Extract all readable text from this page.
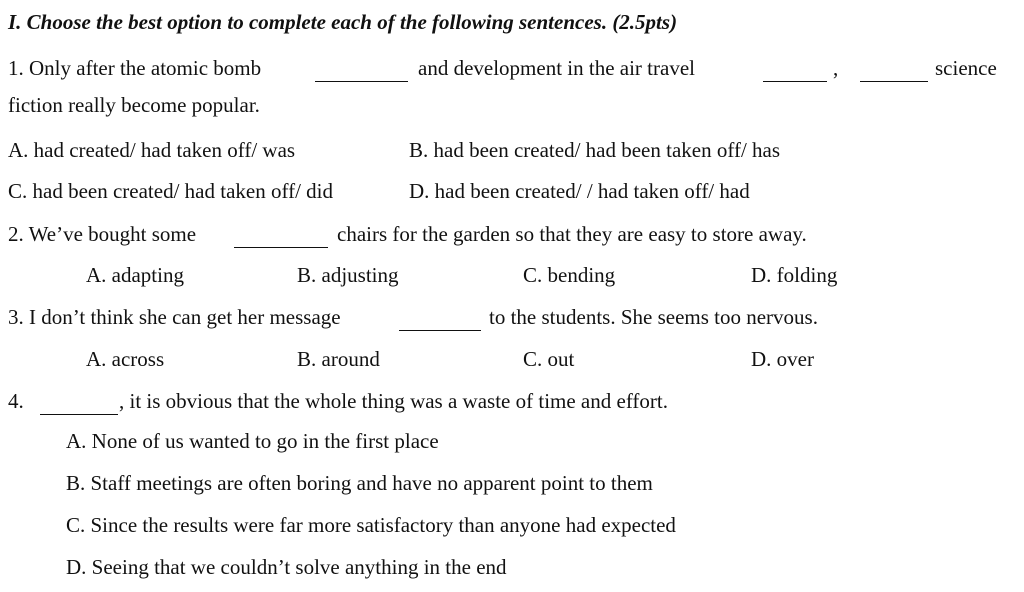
I. Choose the best option to complete each of the following sentences. (2.5pts)
1. Only after the atomic bomb	and development in the air travel	,	science
fiction really become popular.
A. had created/ had taken off/ was	B. had been created/ had been taken off/ has
C. had been created/ had taken off/ did	D. had been created/ / had taken off/ had
2. We’ve bought some	chairs for the garden so that they are easy to store away.
A. adapting	B. adjusting	C. bending	D. folding
3. I don’t think she can get her message	to the students. She seems too nervous.
A. across	B. around	C. out	D. over
4.	, it is obvious that the whole thing was a waste of time and effort.
A. None of us wanted to go in the first place
B. Staff meetings are often boring and have no apparent point to them
C. Since the results were far more satisfactory than anyone had expected
D. Seeing that we couldn’t solve anything in the end
